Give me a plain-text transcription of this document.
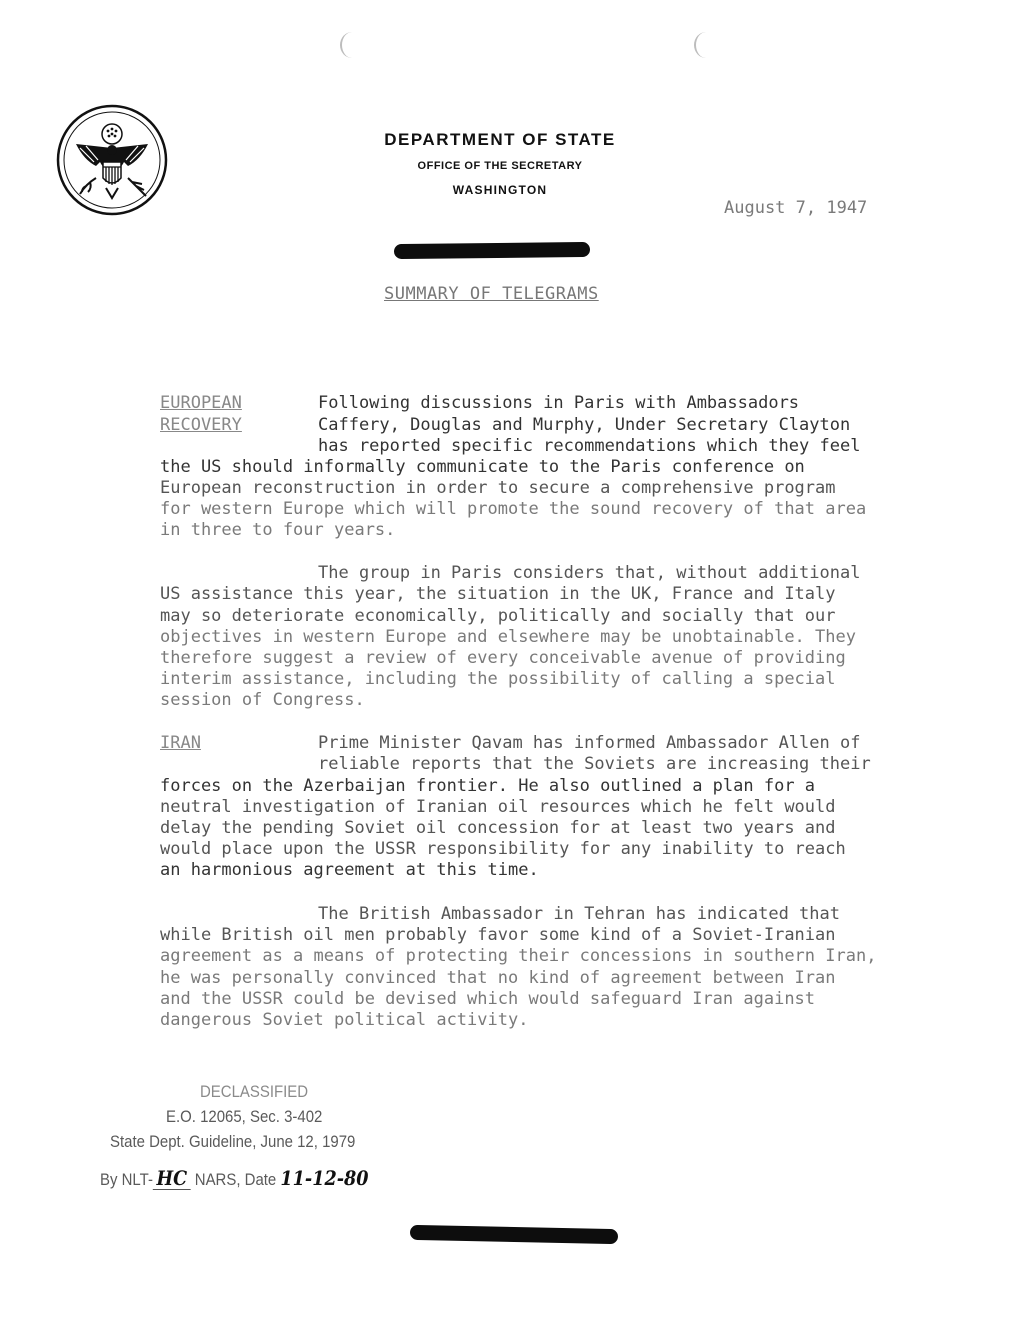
DEPARTMENT OF STATE
OFFICE OF THE SECRETARY
WASHINGTON
August 7, 1947
SUMMARY OF TELEGRAMS
EUROPEAN
RECOVERY
Following discussions in Paris with Ambassadors
Caffery, Douglas and Murphy, Under Secretary Clayton
has reported specific recommendations which they feel
the US should informally communicate to the Paris conference on
European reconstruction in order to secure a comprehensive program
for western Europe which will promote the sound recovery of that area
in three to four years.
The group in Paris considers that, without additional
US assistance this year, the situation in the UK, France and Italy
may so deteriorate economically, politically and socially that our
objectives in western Europe and elsewhere may be unobtainable. They
therefore suggest a review of every conceivable avenue of providing
interim assistance, including the possibility of calling a special
session of Congress.
IRAN	Prime Minister Qavam has informed Ambassador Allen of
reliable reports that the Soviets are increasing their
forces on the Azerbaijan frontier. He also outlined a plan for a
neutral investigation of Iranian oil resources which he felt would
delay the pending Soviet oil concession for at least two years and
would place upon the USSR responsibility for any inability to reach
an harmonious agreement at this time.
The British Ambassador in Tehran has indicated that
while British oil men probably favor some kind of a Soviet-Iranian
agreement as a means of protecting their concessions in southern Iran,
he was personally convinced that no kind of agreement between Iran
and the USSR could be devised which would safeguard Iran against
dangerous Soviet political activity.
DECLASSIFIED
E.O. 12065, Sec. 3-402
State Dept. Guideline, June 12, 1979
By NLT- HC NARS, Date 11-12-80
